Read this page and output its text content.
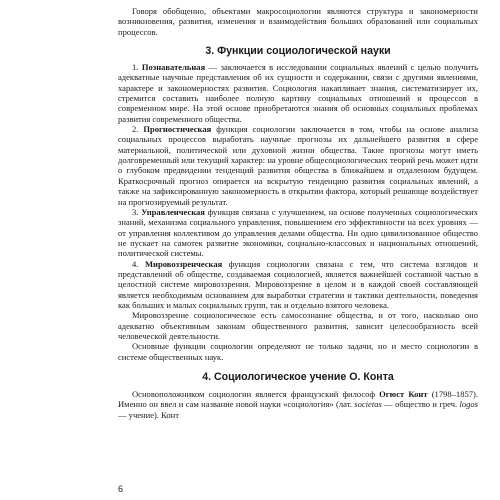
Говоря обобщенно, объектами макросоциологии являются структура и закономерности возникновения, развития, изменения и взаимодействия больших образований или социальных процессов.

3. Функции социологической науки

1. Познавательная — заключается в исследовании социальных явлений с целью получить адекватные научные представления об их сущности и содержании, связи с другими явлениями, характере и закономерностях развития. Социология накапливает знания, систематизирует их, стремится составить наиболее полную картину социальных отношений и процессов в современном мире. На этой основе приобретаются знания об основных социальных проблемах развития современного общества.

2. Прогностическая функция социологии заключается в том, чтобы на основе анализа социальных процессов выработать научные прогнозы их дальнейшего развития в сфере материальной, политической или духовной жизни общества. Такие прогнозы могут иметь долговременный или текущий характер: на уровне общесоциологических теорий речь может идти о глубоком предвидении тенденций развития общества в ближайшем и отдаленном будущем. Краткосрочный прогноз опирается на вскрытую тенденцию развития социальных явлений, а также на зафиксированную закономерность в открытии фактора, который решающе воздействует на прогнозируемый результат.

3. Управленческая функция связана с улучшением, на основе полученных социологических знаний, механизма социального управления, повышением его эффективности на всех уровнях — от управления коллективом до управления делами общества. Ни одно цивилизованное общество не пускает на самотек развитие экономики, социально-классовых и национальных отношений, политической системы.

4. Мировоззренческая функция социологии связана с тем, что система взглядов и представлений об обществе, создаваемая социологией, является важнейшей составной частью в целостной системе мировоззрения. Мировоззрение в целом и в каждой своей составляющей является необходимым основанием для выработки стратегии и тактики деятельности, поведения как больших и малых социальных групп, так и отдельно взятого человека.

Мировоззрение социологическое есть самосознание общества, и от того, насколько оно адекватно объективным законам общественного развития, зависит целесообразность всей человеческой деятельности.

Основные функции социологии определяют не только задачи, но и место социологии в системе общественных наук.

4. Социологическое учение О. Конта

Основоположником социологии является французский философ Огюст Конт (1798–1857). Именно он ввел и сам название новой науки «социология» (лат. societas — общество и греч. logos — учение). Конт

6
